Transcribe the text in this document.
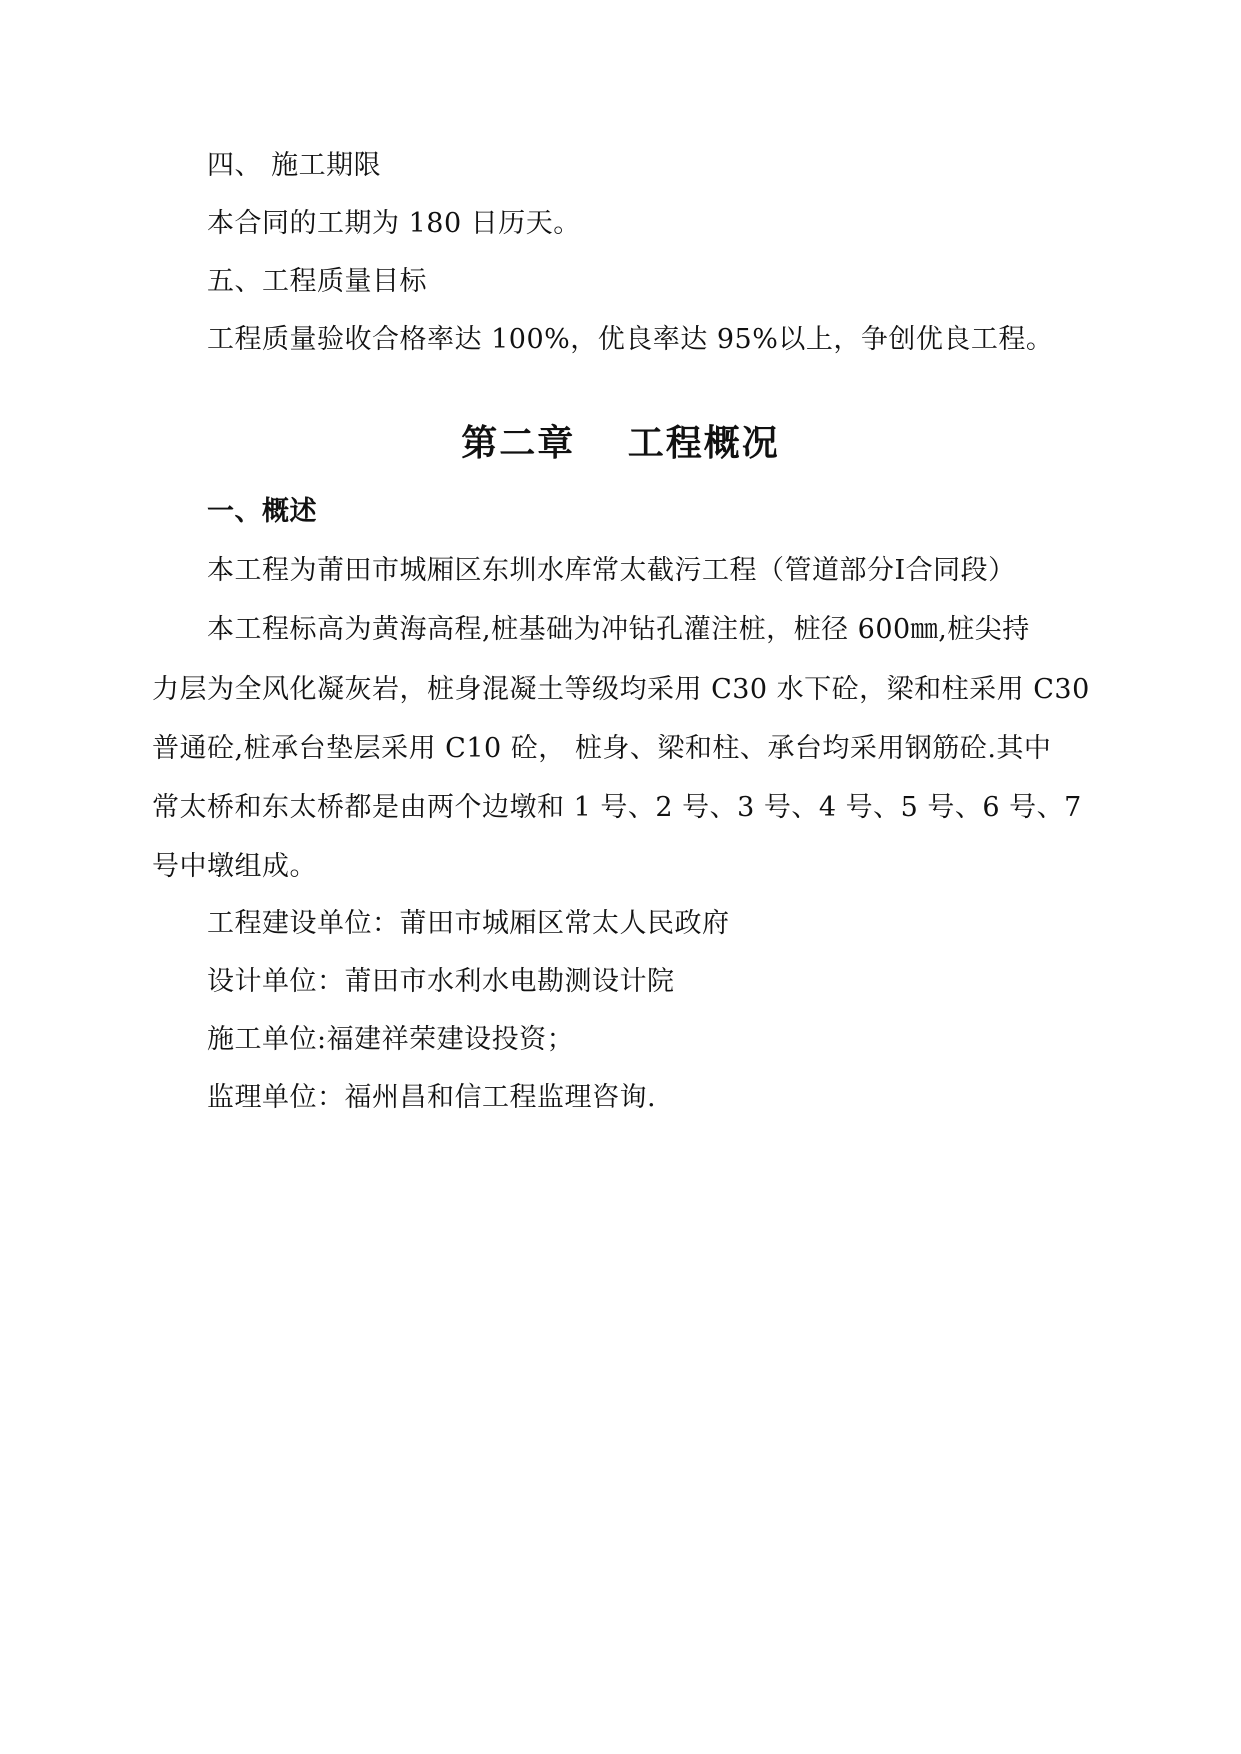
四、 施工期限
本合同的工期为 180 日历天。
五、工程质量目标
工程质量验收合格率达 100%，优良率达 95%以上，争创优良工程。
第二章　 工程概况
一、概述
本工程为莆田市城厢区东圳水库常太截污工程（管道部分Ⅰ合同段）
本工程标高为黄海高程,桩基础为冲钻孔灌注桩，桩径 600㎜,桩尖持
力层为全风化凝灰岩，桩身混凝土等级均采用 C30 水下砼，梁和柱采用 C30
普通砼,桩承台垫层采用 C10 砼， 桩身、梁和柱、承台均采用钢筋砼.其中
常太桥和东太桥都是由两个边墩和 1 号、2 号、3 号、4 号、5 号、6 号、7
号中墩组成。
工程建设单位：莆田市城厢区常太人民政府
设计单位：莆田市水利水电勘测设计院
施工单位:福建祥荣建设投资；
监理单位：福州昌和信工程监理咨询.
